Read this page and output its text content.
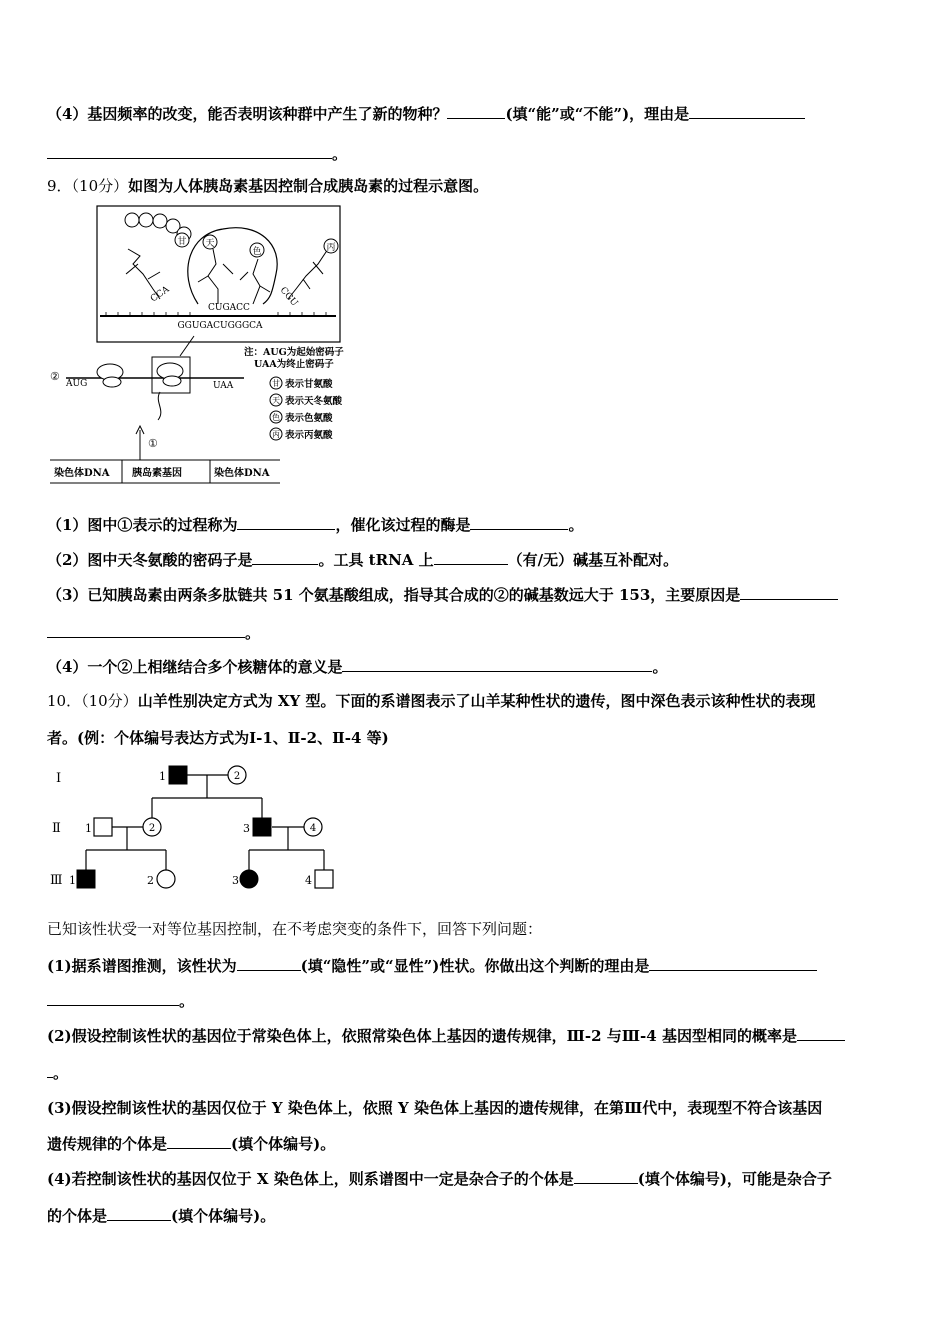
（4）基因频率的改变，能否表明该种群中产生了新的物种？	(填“能”或“不能”)，理由是
。
9．（10分）如图为人体胰岛素基因控制合成胰岛素的过程示意图。
甘 天
色	丙
CCA
CUGACC	CGU
GGUGACUGGGCA
②
AUG	UAA
①
注：AUG为起始密码子
UAA为终止密码子
甘 表示甘氨酸
天 表示天冬氨酸
色 表示色氨酸
丙 表示丙氨酸
染色体DNA 胰岛素基因	染色体DNA
（1）图中①表示的过程称为	，催化该过程的酶是	。
（2）图中天冬氨酸的密码子是	。工具 tRNA 上	（有/无）碱基互补配对。
（3）已知胰岛素由两条多肽链共 51 个氨基酸组成，指导其合成的②的碱基数远大于 153，主要原因是
。
（4）一个②上相继结合多个核糖体的意义是	。
10．（10分）山羊性别决定方式为 XY 型。下面的系谱图表示了山羊某种性状的遗传，图中深色表示该种性状的表现
者。(例：个体编号表达方式为Ⅰ-1、Ⅱ-2、Ⅱ-4 等)
Ⅰ
Ⅱ
Ⅲ
1	2
1	2	3	4
1	2	3	4
已知该性状受一对等位基因控制，在不考虑突变的条件下，回答下列问题：
(1)据系谱图推测，该性状为	(填“隐性”或“显性”)性状。你做出这个判断的理由是
。
(2)假设控制该性状的基因位于常染色体上，依照常染色体上基因的遗传规律，Ⅲ-2 与Ⅲ-4 基因型相同的概率是
。
(3)假设控制该性状的基因仅位于 Y 染色体上，依照 Y 染色体上基因的遗传规律，在第Ⅲ代中，表现型不符合该基因
遗传规律的个体是	(填个体编号)。
(4)若控制该性状的基因仅位于 X 染色体上，则系谱图中一定是杂合子的个体是	(填个体编号)，可能是杂合子
的个体是	(填个体编号)。
